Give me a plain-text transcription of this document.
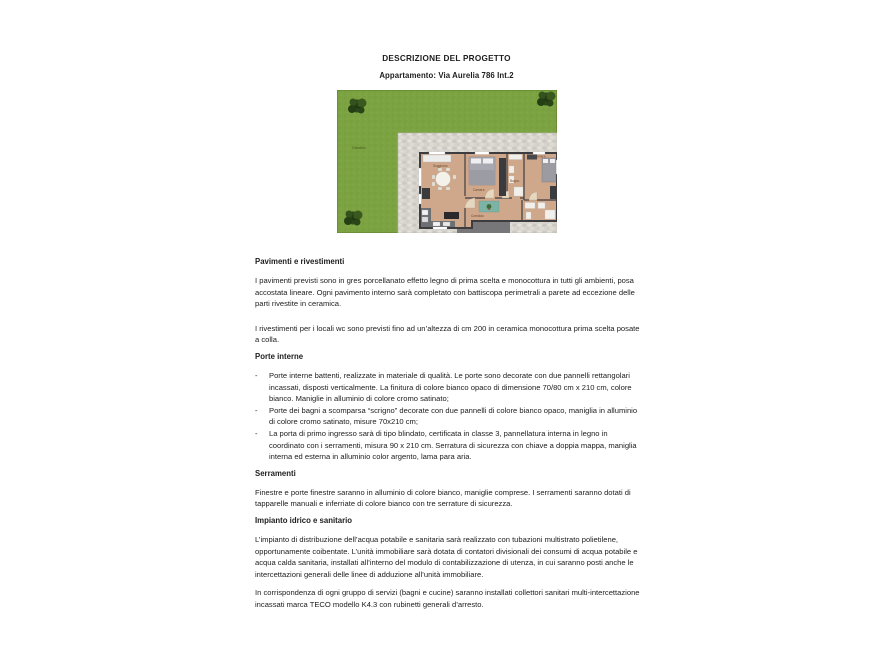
DESCRIZIONE DEL PROGETTO
Appartamento: Via Aurelia 786 Int.2
Giardino
Soggiorno
Camera
Bagno
Camera
Corridoio
Pavimenti e rivestimenti

I pavimenti previsti sono in gres porcellanato effetto legno di prima scelta e monocottura in tutti gli ambienti, posa accostata lineare. Ogni pavimento interno sarà completato con battiscopa perimetrali a parete ad eccezione delle parti rivestite in ceramica.

I rivestimenti per i locali wc sono previsti fino ad un’altezza di cm 200 in ceramica monocottura prima scelta posate a colla.

Porte interne
-	Porte interne battenti, realizzate in materiale di qualità. Le porte sono decorate con due pannelli rettangolari incassati, disposti verticalmente. La finitura di colore bianco opaco di dimensione 70/80 cm x 210 cm, colore bianco. Maniglie in alluminio di colore cromo satinato;
-	Porte dei bagni a scomparsa “scrigno” decorate con due pannelli di colore bianco opaco, maniglia in alluminio di colore cromo satinato, misure 70x210 cm;
-	La porta di primo ingresso sarà di tipo blindato, certificata in classe 3, pannellatura interna in legno in coordinato con i serramenti, misura 90 x 210 cm. Serratura di sicurezza con chiave a doppia mappa, maniglia interna ed esterna in alluminio color argento, lama para aria.
Serramenti

Finestre e porte finestre saranno in alluminio di colore bianco, maniglie comprese. I serramenti saranno dotati di tapparelle manuali e inferriate di colore bianco con tre serrature di sicurezza.

Impianto idrico e sanitario

L’impianto di distribuzione dell’acqua potabile e sanitaria sarà realizzato con tubazioni multistrato polietilene, opportunamente coibentate. L’unità immobiliare sarà dotata di contatori divisionali dei consumi di acqua potabile e acqua calda sanitaria, installati all’interno del modulo di contabilizzazione di utenza, in cui saranno posti anche le intercettazioni generali delle linee di adduzione all’unità immobiliare.

In corrispondenza di ogni gruppo di servizi (bagni e cucine) saranno installati collettori sanitari multi-intercettazione incassati marca TECO modello K4.3 con rubinetti generali d’arresto.
